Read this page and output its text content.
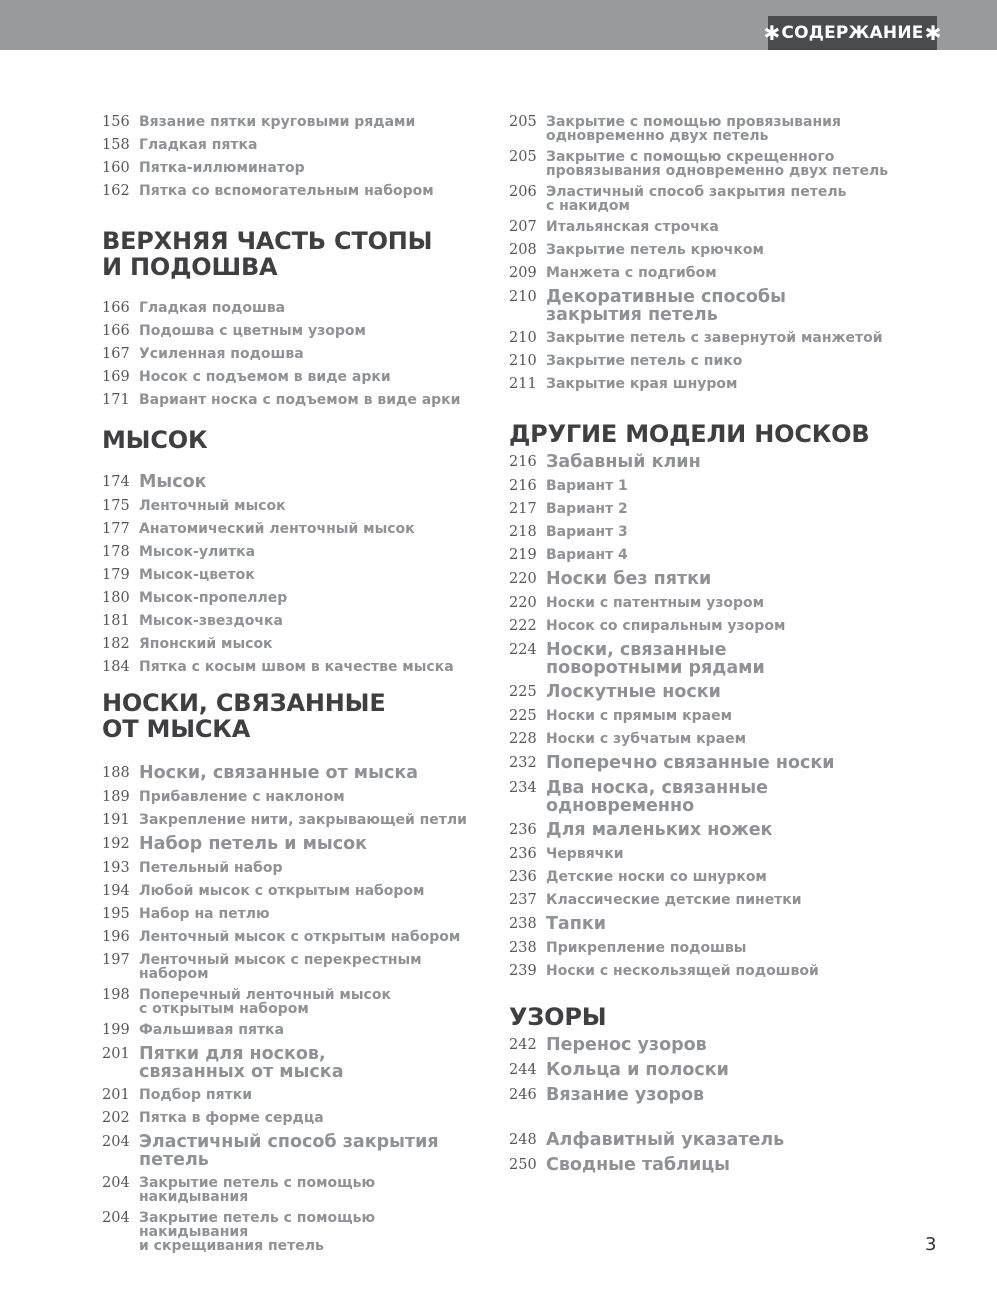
✱ СОДЕРЖАНИЕ ✱
156 Вязание пятки круговыми рядами
158 Гладкая пятка
160 Пятка-иллюминатор
162 Пятка со вспомогательным набором
ВЕРХНЯЯ ЧАСТЬ СТОПЫ
И ПОДОШВА
166 Гладкая подошва
166 Подошва с цветным узором
167 Усиленная подошва
169 Носок с подъемом в виде арки
171 Вариант носка с подъемом в виде арки
МЫСОК
174 Мысок
175 Ленточный мысок
177 Анатомический ленточный мысок
178 Мысок-улитка
179 Мысок-цветок
180 Мысок-пропеллер
181 Мысок-звездочка
182 Японский мысок
184 Пятка с косым швом в качестве мыска
НОСКИ, СВЯЗАННЫЕ
ОТ МЫСКА
188 Носки, связанные от мыска
189 Прибавление с наклоном
191 Закрепление нити, закрывающей петли
192 Набор петель и мысок
193 Петельный набор
194 Любой мысок с открытым набором
195 Набор на петлю
196 Ленточный мысок с открытым набором
197 Ленточный мысок с перекрестным набором
198 Поперечный ленточный мысок
с открытым набором
199 Фальшивая пятка
201 Пятки для носков,
связанных от мыска
201 Подбор пятки
202 Пятка в форме сердца
204 Эластичный способ закрытия петель
204 Закрытие петель с помощью накидывания
204 Закрытие петель с помощью накидывания
и скрещивания петель
205 Закрытие с помощью провязывания
одновременно двух петель
205 Закрытие с помощью скрещенного
провязывания одновременно двух петель
206 Эластичный способ закрытия петель
с накидом
207 Итальянская строчка
208 Закрытие петель крючком
209 Манжета с подгибом
210 Декоративные способы
закрытия петель
210 Закрытие петель с завернутой манжетой
210 Закрытие петель с пико
211 Закрытие края шнуром
ДРУГИЕ МОДЕЛИ НОСКОВ
216 Забавный клин
216 Вариант 1
217 Вариант 2
218 Вариант 3
219 Вариант 4
220 Носки без пятки
220 Носки с патентным узором
222 Носок со спиральным узором
224 Носки, связанные
поворотными рядами
225 Лоскутные носки
225 Носки с прямым краем
228 Носки с зубчатым краем
232 Поперечно связанные носки
234 Два носка, связанные
одновременно
236 Для маленьких ножек
236 Червячки
236 Детские носки со шнурком
237 Классические детские пинетки
238 Тапки
238 Прикрепление подошвы
239 Носки с нескользящей подошвой
УЗОРЫ
242 Перенос узоров
244 Кольца и полоски
246 Вязание узоров
248 Алфавитный указатель
250 Сводные таблицы
3
